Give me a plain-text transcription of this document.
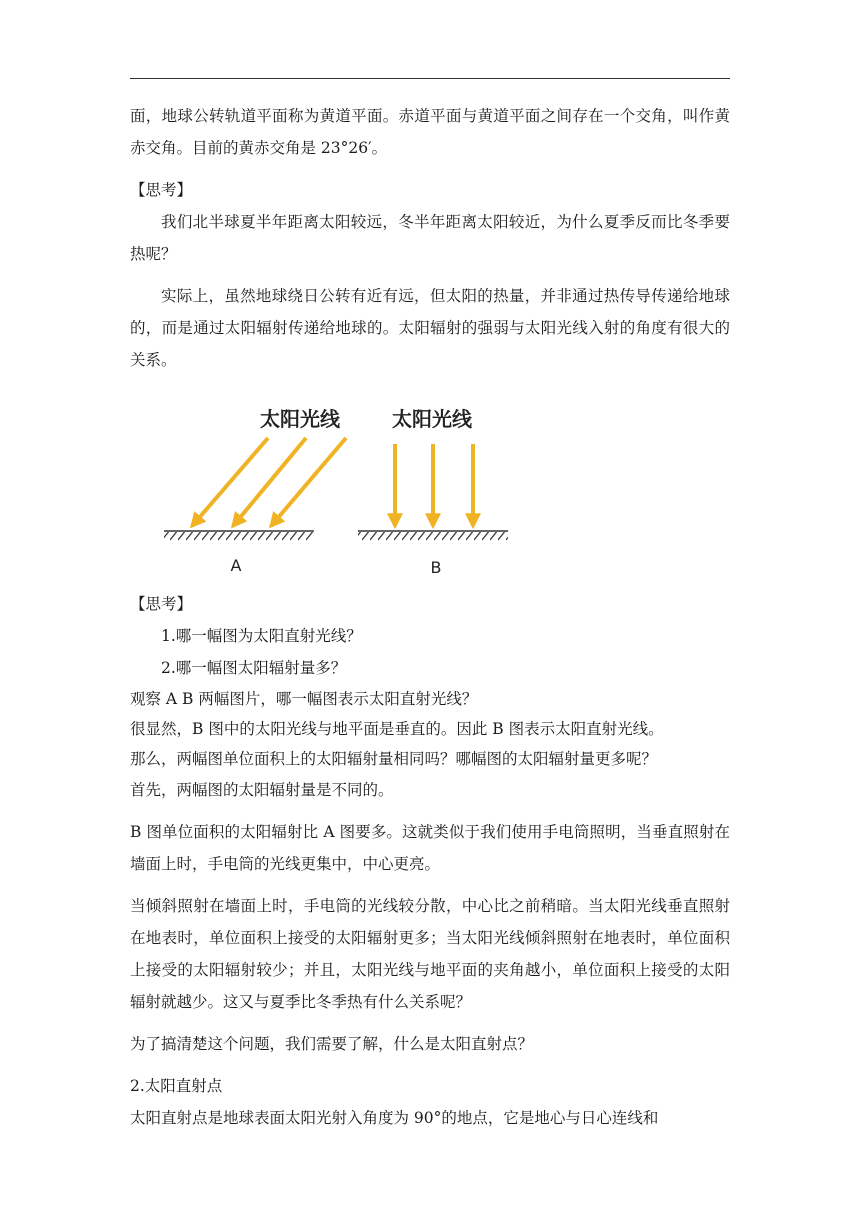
面，地球公转轨道平面称为黄道平面。赤道平面与黄道平面之间存在一个交角，叫作黄赤交角。目前的黄赤交角是 23°26′。

【思考】

我们北半球夏半年距离太阳较远，冬半年距离太阳较近，为什么夏季反而比冬季要热呢？

实际上，虽然地球绕日公转有近有远，但太阳的热量，并非通过热传导传递给地球的，而是通过太阳辐射传递给地球的。太阳辐射的强弱与太阳光线入射的角度有很大的关系。

太阳光线
A
太阳光线
B

【思考】

1.哪一幅图为太阳直射光线？

2.哪一幅图太阳辐射量多？

观察 A B 两幅图片，哪一幅图表示太阳直射光线？

很显然，B 图中的太阳光线与地平面是垂直的。因此 B 图表示太阳直射光线。

那么，两幅图单位面积上的太阳辐射量相同吗？哪幅图的太阳辐射量更多呢？

首先，两幅图的太阳辐射量是不同的。

B 图单位面积的太阳辐射比 A 图要多。这就类似于我们使用手电筒照明，当垂直照射在墙面上时，手电筒的光线更集中，中心更亮。

当倾斜照射在墙面上时，手电筒的光线较分散，中心比之前稍暗。当太阳光线垂直照射在地表时，单位面积上接受的太阳辐射更多；当太阳光线倾斜照射在地表时，单位面积上接受的太阳辐射较少；并且，太阳光线与地平面的夹角越小，单位面积上接受的太阳辐射就越少。这又与夏季比冬季热有什么关系呢？

为了搞清楚这个问题，我们需要了解，什么是太阳直射点？

2.太阳直射点

太阳直射点是地球表面太阳光射入角度为 90°的地点，它是地心与日心连线和
